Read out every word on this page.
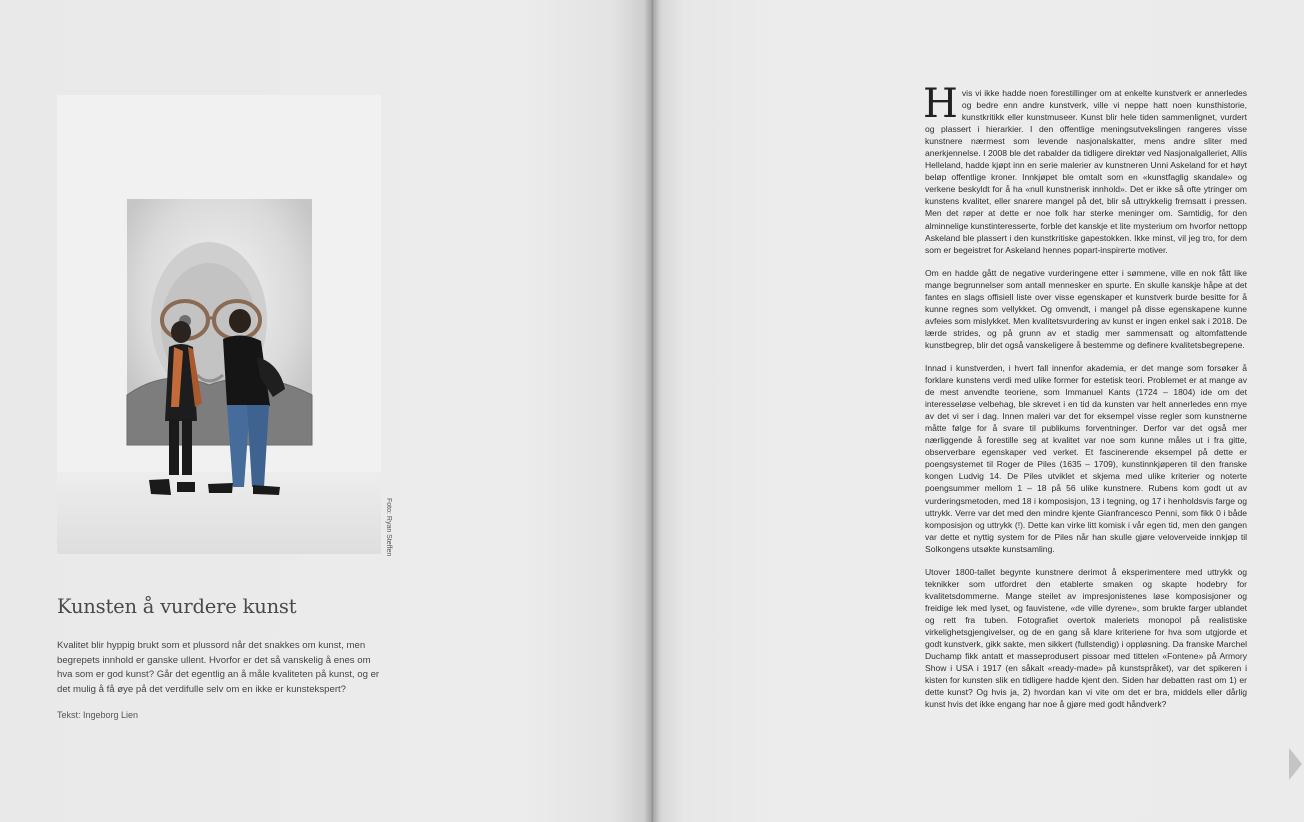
Foto: Ryan Steffen
Kunsten å vurdere kunst

Kvalitet blir hyppig brukt som et plussord når det snakkes om kunst, men begrepets innhold er ganske ullent. Hvorfor er det så vanskelig å enes om hva som er god kunst? Går det egentlig an å måle kvaliteten på kunst, og er det mulig å få øye på det verdifulle selv om en ikke er kunstekspert?

Tekst: Ingeborg Lien

Hvis vi ikke hadde noen forestillinger om at enkelte kunstverk er annerledes og bedre enn andre kunstverk, ville vi neppe hatt noen kunsthistorie, kunstkritikk eller kunstmuseer. Kunst blir hele tiden sammenlignet, vurdert og plassert i hierarkier. I den offentlige meningsutvekslingen rangeres visse kunstnere nærmest som levende nasjonalskatter, mens andre sliter med anerkjennelse. I 2008 ble det rabalder da tidligere direktør ved Nasjonalgalleriet, Allis Helleland, hadde kjøpt inn en serie malerier av kunstneren Unni Askeland for et høyt beløp offentlige kroner. Innkjøpet ble omtalt som en «kunstfaglig skandale» og verkene beskyldt for å ha «null kunstnerisk innhold». Det er ikke så ofte ytringer om kunstens kvalitet, eller snarere mangel på det, blir så uttrykkelig fremsatt i pressen. Men det røper at dette er noe folk har sterke meninger om. Samtidig, for den alminnelige kunstinteresserte, forble det kanskje et lite mysterium om hvorfor nettopp Askeland ble plassert i den kunstkritiske gapestokken. Ikke minst, vil jeg tro, for dem som er begeistret for Askeland hennes popart-inspirerte motiver.

Om en hadde gått de negative vurderingene etter i sømmene, ville en nok fått like mange begrunnelser som antall mennesker en spurte. En skulle kanskje håpe at det fantes en slags offisiell liste over visse egenskaper et kunstverk burde besitte for å kunne regnes som vellykket. Og omvendt, i mangel på disse egenskapene kunne avfeies som mislykket. Men kvalitetsvurdering av kunst er ingen enkel sak i 2018. De lærde strides, og på grunn av et stadig mer sammensatt og altomfattende kunstbegrep, blir det også vanskeligere å bestemme og definere kvalitetsbegrepene.

Innad i kunstverden, i hvert fall innenfor akademia, er det mange som forsøker å forklare kunstens verdi med ulike former for estetisk teori. Problemet er at mange av de mest anvendte teoriene, som Immanuel Kants (1724 – 1804) ide om det interesseløse velbehag, ble skrevet i en tid da kunsten var helt annerledes enn mye av det vi ser i dag. Innen maleri var det for eksempel visse regler som kunstnerne måtte følge for å svare til publikums forventninger. Derfor var det også mer nærliggende å forestille seg at kvalitet var noe som kunne måles ut i fra gitte, observerbare egenskaper ved verket. Et fascinerende eksempel på dette er poengsystemet til Roger de Piles (1635 – 1709), kunstinnkjøperen til den franske kongen Ludvig 14. De Piles utviklet et skjema med ulike kriterier og noterte poengsummer mellom 1 – 18 på 56 ulike kunstnere. Rubens kom godt ut av vurderingsmetoden, med 18 i komposisjon, 13 i tegning, og 17 i henholdsvis farge og uttrykk. Verre var det med den mindre kjente Gianfrancesco Penni, som fikk 0 i både komposisjon og uttrykk (!). Dette kan virke litt komisk i vår egen tid, men den gangen var dette et nyttig system for de Piles når han skulle gjøre veloverveide innkjøp til Solkongens utsøkte kunstsamling.

Utover 1800-tallet begynte kunstnere derimot å eksperimentere med uttrykk og teknikker som utfordret den etablerte smaken og skapte hodebry for kvalitetsdommerne. Mange steilet av impresjonistenes løse komposisjoner og freidige lek med lyset, og fauvistene, «de ville dyrene», som brukte farger ublandet og rett fra tuben. Fotografiet overtok maleriets monopol på realistiske virkelighetsgjengivelser, og de en gang så klare kriteriene for hva som utgjorde et godt kunstverk, gikk sakte, men sikkert (fullstendig) i oppløsning. Da franske Marchel Duchamp fikk antatt et masseprodusert pissoar med tittelen «Fontene» på Armory Show i USA i 1917 (en såkalt «ready-made» på kunstspråket), var det spikeren i kisten for kunsten slik en tidligere hadde kjent den. Siden har debatten rast om 1) er dette kunst? Og hvis ja, 2) hvordan kan vi vite om det er bra, middels eller dårlig kunst hvis det ikke engang har noe å gjøre med godt håndverk?
